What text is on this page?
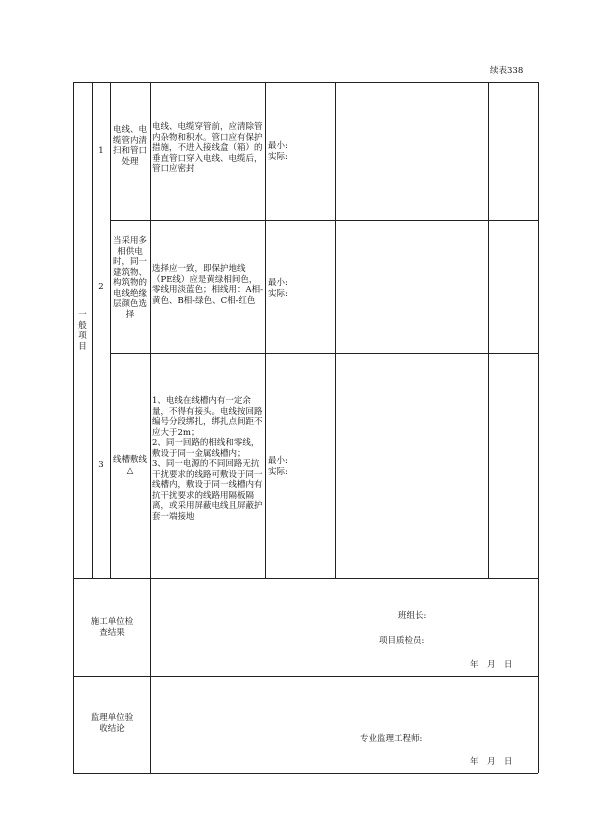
续表338
一般项目
1
电线、电缆管内清扫和管口处理
电线、电缆穿管前，应清除管内杂物和积水。管口应有保护措施，不进入接线盒（箱）的垂直管口穿入电线、电缆后，管口应密封
最小:
实际:
2
当采用多相供电时，同一建筑物、构筑物的电线绝缘层颜色选择
选择应一致，即保护地线（PE线）应是黄绿相间色，零线用淡蓝色；相线用：A相-黄色、B相-绿色、C相-红色
最小:
实际:
3	线槽敷线△
1、电线在线槽内有一定余量，不得有接头。电线按回路编号分段绑扎，绑扎点间距不应大于2m；
2、同一回路的相线和零线，敷设于同一金属线槽内；
3、同一电源的不同回路无抗干扰要求的线路可敷设于同一线槽内，敷设于同一线槽内有抗干扰要求的线路用隔板隔离，或采用屏蔽电线且屏蔽护套一端接地
最小:
实际:
施工单位检查结果
班组长:
项目质检员:
年　月　日
监理单位验收结论
专业监理工程师:
年　月　日
